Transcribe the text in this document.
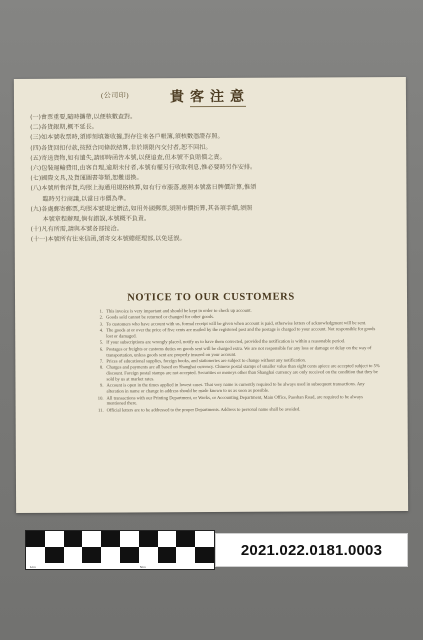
(公司印)	貴客注意
(一)會票重要,隨時攜帶,以便核數查對。
(二)各貨銀期,概不延長。
(三)如本號收票時,須即刻填簽收據,對存往來各戶帳簿,須核數憑證存照。
(四)各貨回扣付款,按照合同條款結算,非於期限內交付者,恕不回扣。
(五)寄送貨物,如有遺失,請即時函告本號,以便追查,但本號不負賠償之責。
(六)包裝運輸費用,由客自理,逾期未付者,本號有權另行收取利息,惟必要時另作安排。
(七)國際文具,及貨運圖書等類,恕難退換。
(八)本號所售洋貨,均照上海通用規格核算,如有行市漲落,應照本號當日牌價計算,惟須
臨時另行商議,以當日市價為準。
(九)各處郵寄郵票,均照本號規定辦法,如用外國郵票,須照市價折算,其各項手續,須照
本號章程辦理,倘有錯誤,本號概不負責。
(十)凡有所需,請與本號各部接洽。
(十一)本號所有往來信函,須寄交本號總經理部,以免延誤。
NOTICE TO OUR CUSTOMERS
1. This invoice is very important and should be kept in order to check up account.
2. Goods sold cannot be returned or changed for other goods.
3. To customers who have account with us, formal receipt will be given when account is paid, otherwise letters of acknowledgment will be sent.
4. The goods at or over the price of five cents are mailed by the registered post and the postage is charged to your account. Not responsible for goods lost or damaged.
5. If your subscriptions are wrongly placed, notify us to have them corrected, provided the notification is within a reasonable period.
6. Postages or freights or customs duties on goods sent will be charged extra. We are not responsible for any loss or damage or delay on the way of transportation, unless goods sent are properly insured on your account.
7. Prices of educational supplies, foreign books, and stationeries are subject to change without any notification.
8. Charges and payments are all based on Shanghai currency. Chinese postal stamps of smaller value than eight cents apiece are accepted subject to 5% discount. Foreign postal stamps are not accepted. Securities or moneys other than Shanghai currency are only received on the condition that they be sold by us at market rates.
9. Account is open in the times applied in lowest cases. That very name is currently required to be always used in subsequent transactions. Any alteration in name or change in address should be made known to us as soon as possible.
10. All transactions with our Printing Department, or Works, or Accounting Department, Main Office, Paoshan Road, are required to be always mentioned there.
11. Official letters are to be addressed to the proper Departments. Address to personal name shall be avoided.
1cm	5cm
2021.022.0181.0003
